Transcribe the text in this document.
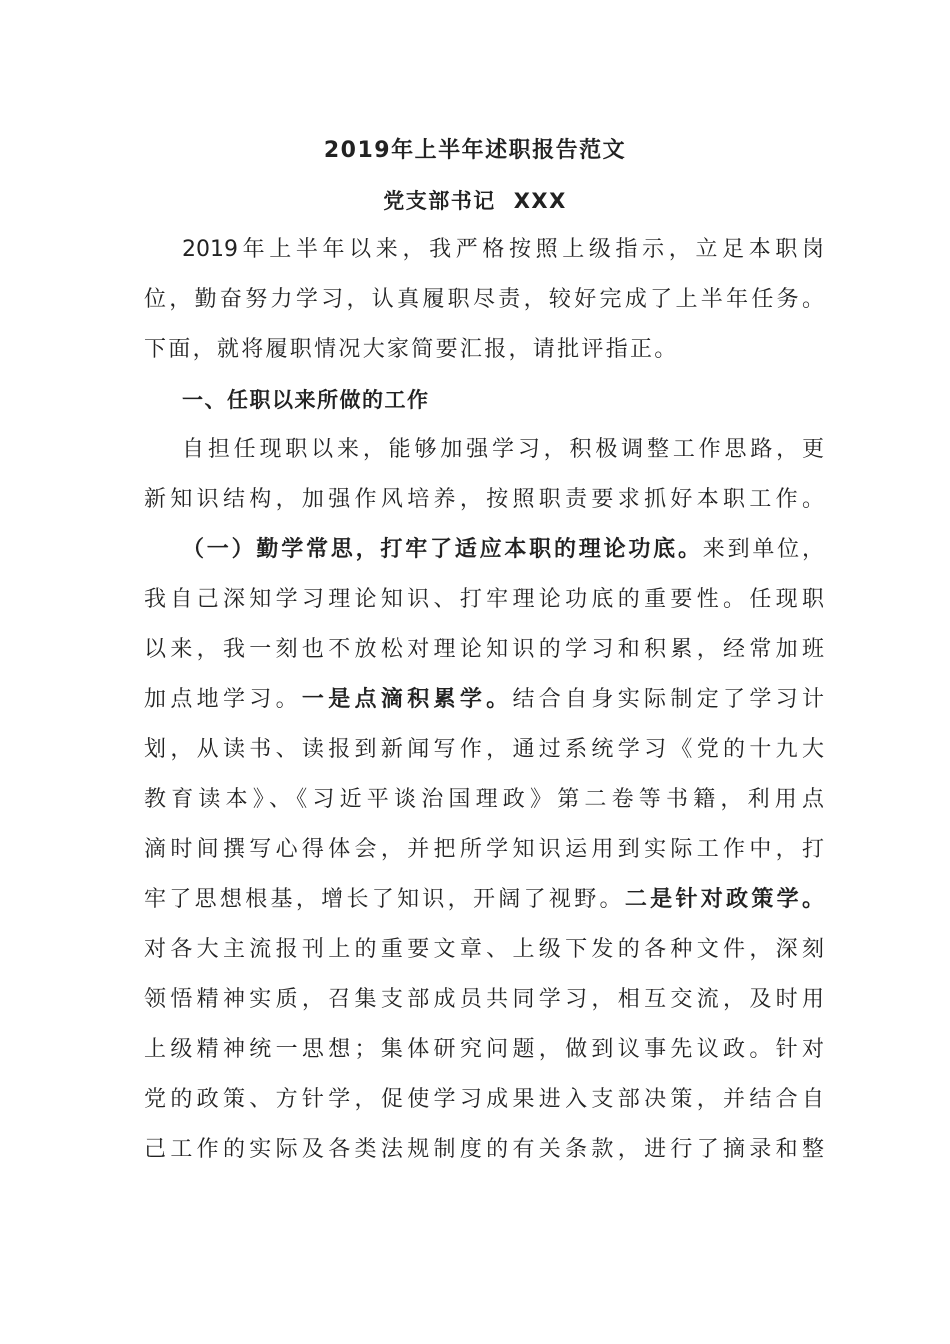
2019年上半年述职报告范文
党支部书记 XXX

2019年上半年以来，我严格按照上级指示，立足本职岗

位，勤奋努力学习，认真履职尽责，较好完成了上半年任务。

下面，就将履职情况大家简要汇报，请批评指正。

一、任职以来所做的工作

自担任现职以来，能够加强学习，积极调整工作思路，更

新知识结构，加强作风培养，按照职责要求抓好本职工作。

（一）勤学常思，打牢了适应本职的理论功底。来到单位，

我自己深知学习理论知识、打牢理论功底的重要性。任现职

以来，我一刻也不放松对理论知识的学习和积累，经常加班

加点地学习。一是点滴积累学。结合自身实际制定了学习计

划，从读书、读报到新闻写作，通过系统学习《党的十九大

教育读本》、《习近平谈治国理政》第二卷等书籍，利用点

滴时间撰写心得体会，并把所学知识运用到实际工作中，打

牢了思想根基，增长了知识，开阔了视野。二是针对政策学。

对各大主流报刊上的重要文章、上级下发的各种文件，深刻

领悟精神实质，召集支部成员共同学习，相互交流，及时用

上级精神统一思想；集体研究问题，做到议事先议政。针对

党的政策、方针学，促使学习成果进入支部决策，并结合自

己工作的实际及各类法规制度的有关条款，进行了摘录和整
